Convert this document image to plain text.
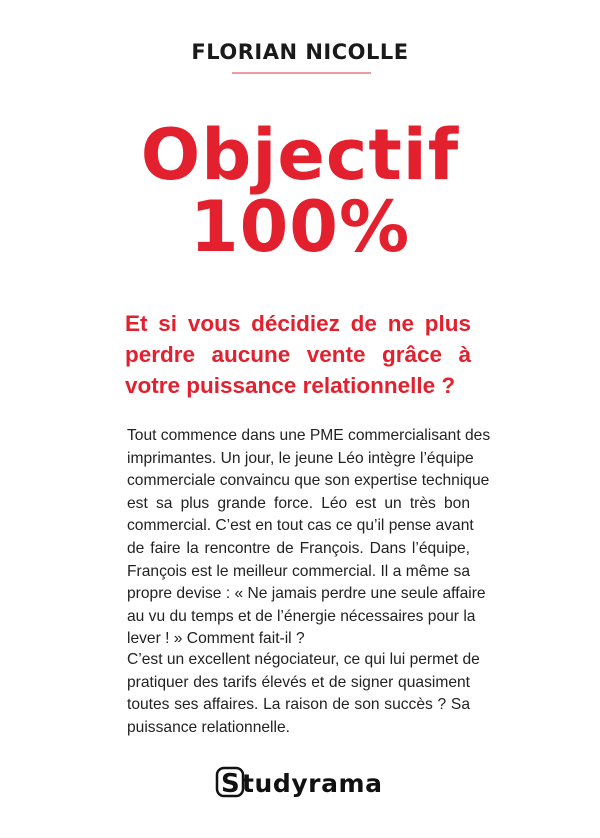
FLORIAN NICOLLE
Objectif
100%
Et si vous décidiez de ne plus
perdre aucune vente grâce à
votre puissance relationnelle ?
Tout commence dans une PME commercialisant des
imprimantes. Un jour, le jeune Léo intègre l’équipe
commerciale convaincu que son expertise technique
est sa plus grande force. Léo est un très bon
commercial. C’est en tout cas ce qu’il pense avant
de faire la rencontre de François. Dans l’équipe,
François est le meilleur commercial. Il a même sa
propre devise : « Ne jamais perdre une seule affaire
au vu du temps et de l’énergie nécessaires pour la
lever ! » Comment fait-il ?
C’est un excellent négociateur, ce qui lui permet de
pratiquer des tarifs élevés et de signer quasiment
toutes ses affaires. La raison de son succès ? Sa
puissance relationnelle.
S tudyrama
